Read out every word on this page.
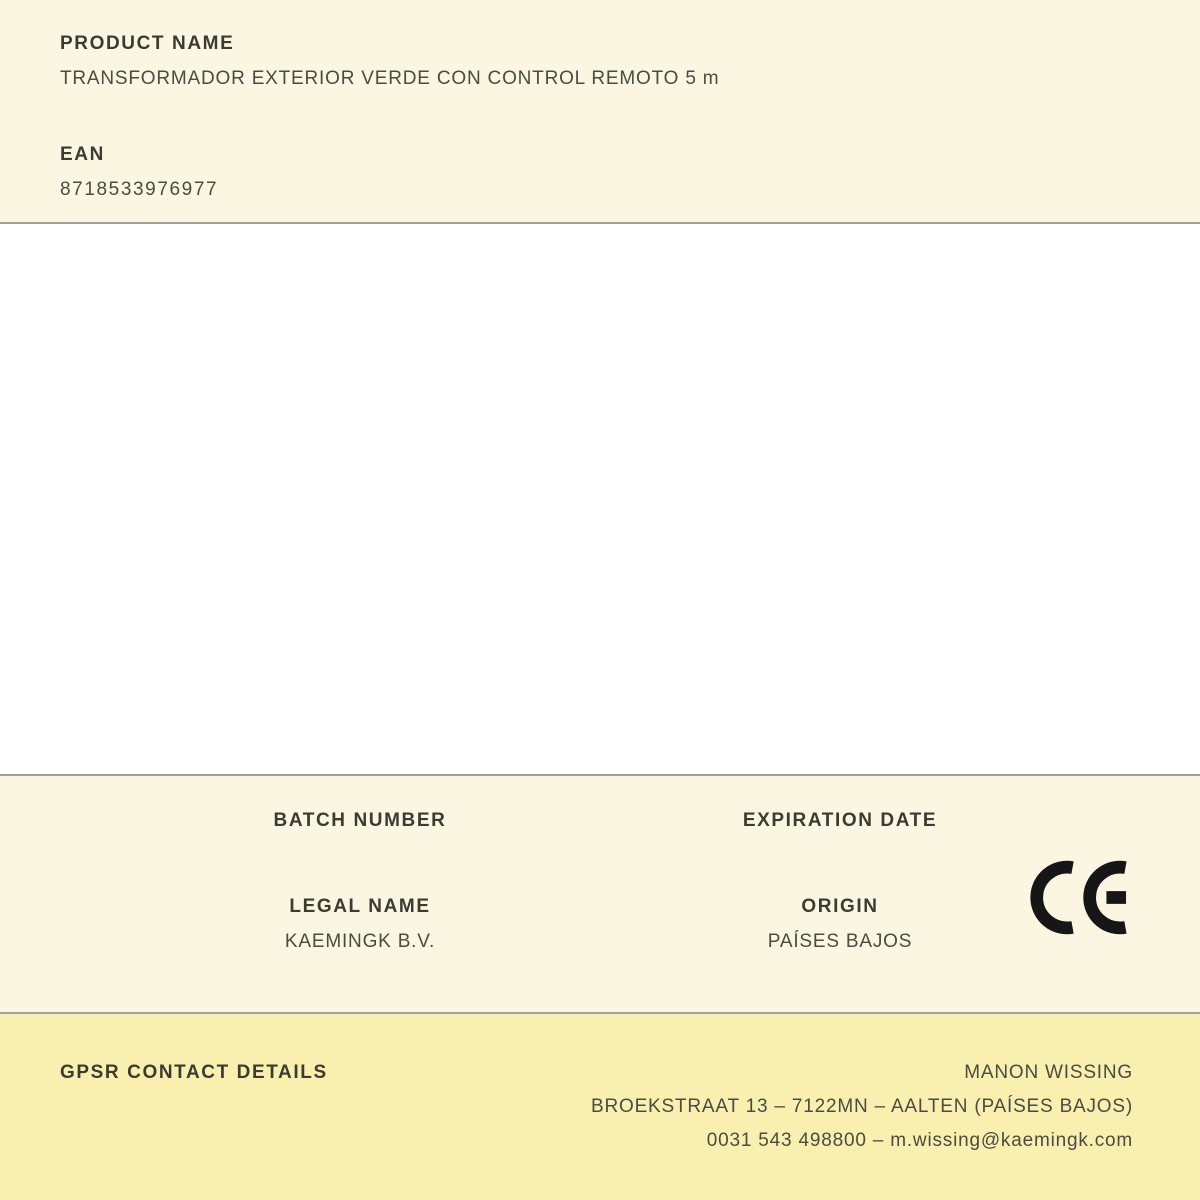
PRODUCT NAME
TRANSFORMADOR EXTERIOR VERDE CON CONTROL REMOTO 5 m
EAN
8718533976977
BATCH NUMBER	EXPIRATION DATE
LEGAL NAME	ORIGIN
KAEMINGK B.V.	PAÍSES BAJOS
GPSR CONTACT DETAILS	MANON WISSING
BROEKSTRAAT 13 – 7122MN – AALTEN (PAÍSES BAJOS)
0031 543 498800 – m.wissing@kaemingk.com
